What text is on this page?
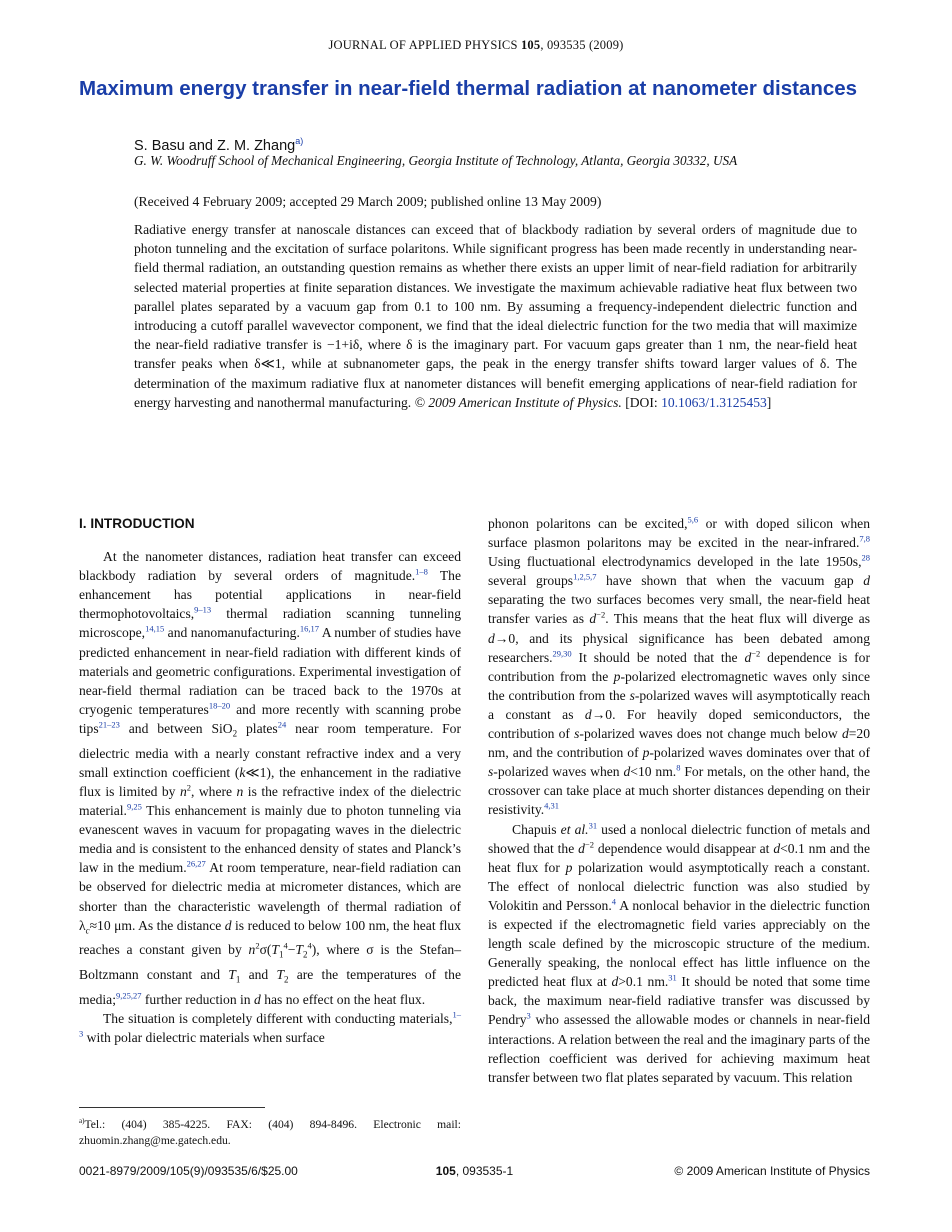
JOURNAL OF APPLIED PHYSICS 105, 093535 (2009)
Maximum energy transfer in near-field thermal radiation at nanometer distances
S. Basu and Z. M. Zhang$^{a)}$
G. W. Woodruff School of Mechanical Engineering, Georgia Institute of Technology, Atlanta, Georgia 30332, USA
(Received 4 February 2009; accepted 29 March 2009; published online 13 May 2009)
Radiative energy transfer at nanoscale distances can exceed that of blackbody radiation by several orders of magnitude due to photon tunneling and the excitation of surface polaritons. While significant progress has been made recently in understanding near-field thermal radiation, an outstanding question remains as whether there exists an upper limit of near-field radiation for arbitrarily selected material properties at finite separation distances. We investigate the maximum achievable radiative heat flux between two parallel plates separated by a vacuum gap from 0.1 to 100 nm. By assuming a frequency-independent dielectric function and introducing a cutoff parallel wavevector component, we find that the ideal dielectric function for the two media that will maximize the near-field radiative transfer is −1+iδ, where δ is the imaginary part. For vacuum gaps greater than 1 nm, the near-field heat transfer peaks when δ≪1, while at subnanometer gaps, the peak in the energy transfer shifts toward larger values of δ. The determination of the maximum radiative flux at nanometer distances will benefit emerging applications of near-field radiation for energy harvesting and nanothermal manufacturing. © 2009 American Institute of Physics. [DOI: 10.1063/1.3125453]
I. INTRODUCTION

At the nanometer distances, radiation heat transfer can exceed blackbody radiation by several orders of magnitude.$^{1-8}$ The enhancement has potential applications in near-field thermophotovoltaics,$^{9-13}$ thermal radiation scanning tunneling microscope,$^{14,15}$ and nanomanufacturing.$^{16,17}$ A number of studies have predicted enhancement in near-field radiation with different kinds of materials and geometric configurations. Experimental investigation of near-field thermal radiation can be traced back to the 1970s at cryogenic temperatures$^{18-20}$ and more recently with scanning probe tips$^{21-23}$ and between SiO$_2$ plates$^{24}$ near room temperature. For dielectric media with a nearly constant refractive index and a very small extinction coefficient (k≪1), the enhancement in the radiative flux is limited by $n^2$, where n is the refractive index of the dielectric material.$^{9,25}$ This enhancement is mainly due to photon tunneling via evanescent waves in vacuum for propagating waves in the dielectric media and is consistent to the enhanced density of states and Planck’s law in the medium.$^{26,27}$ At room temperature, near-field radiation can be observed for dielectric media at micrometer distances, which are shorter than the characteristic wavelength of thermal radiation of $\lambda_c\approx 10$ μm. As the distance d is reduced to below 100 nm, the heat flux reaches a constant given by $n^2\sigma(T_1^4-T_2^4)$, where σ is the Stefan–Boltzmann constant and $T_1$ and $T_2$ are the temperatures of the media;$^{9,25,27}$ further reduction in d has no effect on the heat flux.

The situation is completely different with conducting materials,$^{1-3}$ with polar dielectric materials when surface

phonon polaritons can be excited,$^{5,6}$ or with doped silicon when surface plasmon polaritons may be excited in the near-infrared.$^{7,8}$ Using fluctuational electrodynamics developed in the late 1950s,$^{28}$ several groups$^{1,2,5,7}$ have shown that when the vacuum gap d separating the two surfaces becomes very small, the near-field heat transfer varies as $d^{-2}$. This means that the heat flux will diverge as d→0, and its physical significance has been debated among researchers.$^{29,30}$ It should be noted that the $d^{-2}$ dependence is for contribution from the p-polarized electromagnetic waves only since the contribution from the s-polarized waves will asymptotically reach a constant as d→0. For heavily doped semiconductors, the contribution of s-polarized waves does not change much below d=20 nm, and the contribution of p-polarized waves dominates over that of s-polarized waves when d<10 nm.$^8$ For metals, on the other hand, the crossover can take place at much shorter distances depending on their resistivity.$^{4,31}$

Chapuis et al.$^{31}$ used a nonlocal dielectric function of metals and showed that the $d^{-2}$ dependence would disappear at d<0.1 nm and the heat flux for p polarization would asymptotically reach a constant. The effect of nonlocal dielectric function was also studied by Volokitin and Persson.$^4$ A nonlocal behavior in the dielectric function is expected if the electromagnetic field varies appreciably on the length scale defined by the microscopic structure of the medium. Generally speaking, the nonlocal effect has little influence on the predicted heat flux at d>0.1 nm.$^{31}$ It should be noted that some time back, the maximum near-field radiative transfer was discussed by Pendry$^3$ who assessed the allowable modes or channels in near-field interactions. A relation between the real and the imaginary parts of the reflection coefficient was derived for achieving maximum heat transfer between two flat plates separated by vacuum. This relation

$^{a)}$Tel.: (404) 385-4225. FAX: (404) 894-8496. Electronic mail: zhuomin.zhang@me.gatech.edu.
0021-8979/2009/105(9)/093535/6/$25.00	105, 093535-1	© 2009 American Institute of Physics
